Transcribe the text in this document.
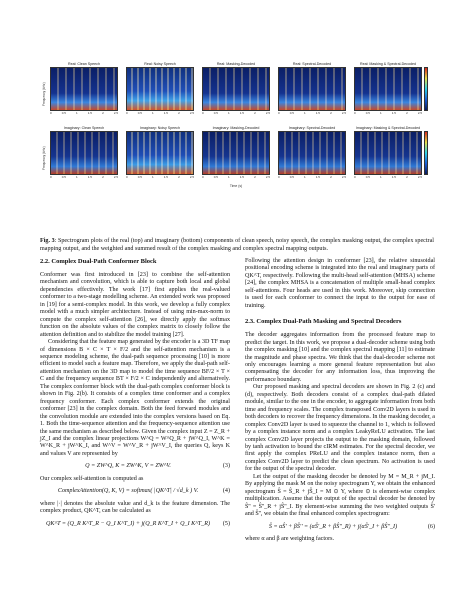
Real: Clean Speech
0	0.5	1	1.5	2	2.5
Real: Noisy Speech
0	0.5	1	1.5	2	2.5
Real: Masking-Decoded
0	0.5	1	1.5	2	2.5
Real: Spectral-Decoded
0	0.5	1	1.5	2	2.5
Real: Masking & Spectral-Decoded
0	0.5	1	1.5	2	2.5
Imaginary: Clean Speech
0	0.5	1	1.5	2	2.5
Imaginary: Noisy Speech
0	0.5	1	1.5	2	2.5
Imaginary: Masking-Decoded
0	0.5	1	1.5	2	2.5
Imaginary: Spectral-Decoded
0	0.5	1	1.5	2	2.5
Imaginary: Masking & Spectral-Decoded
0	0.5	1	1.5	2	2.5
Frequency (kHz)
Frequency (kHz)
Time (s)
Fig. 3: Spectrogram plots of the real (top) and imaginary (bottom) components of clean speech, noisy speech, the complex masking output, the complex spectral mapping output, and the weighted and summed result of the complex masking and complex spectral mapping outputs.
2.2. Complex Dual-Path Conformer Block

Conformer was first introduced in [23] to combine the self-attention mechanism and convolution, which is able to capture both local and global dependencies effectively. The work [17] first applies the real-valued conformer to a two-stage modelling scheme. An extended work was proposed in [19] for a semi-complex model. In this work, we develop a fully complex model with a much simpler architecture. Instead of using min-max-norm to compute the complex self-attention [26], we directly apply the softmax function on the absolute values of the complex matrix to closely follow the attention definition and to stabilize the model training [27].

Considering that the feature map generated by the encoder is a 3D TF map of dimensions B × C × T × F/2 and the self-attention mechanism is a sequence modeling scheme, the dual-path sequence processing [10] is more efficient to model such a feature map. Therefore, we apply the dual-path self-attention mechanism on the 3D map to model the time sequence BF/2 × T × C and the frequency sequence BT × F/2 × C independently and alternatively. The complex conformer block with the dual-path complex conformer block is shown in Fig. 2(b). It consists of a complex time conformer and a complex frequency conformer. Each complex conformer extends the original conformer [23] in the complex domain. Both the feed forward modules and the convolution module are extended into the complex versions based on Eq. 1. Both the time-sequence attention and the frequency-sequence attention use the same mechanism as described below. Given the complex input Z = Z_R + jZ_I and the complex linear projections W^Q = W^Q_R + jW^Q_I, W^K = W^K_R + jW^K_I, and W^V = W^V_R + jW^V_I, the queries Q, keys K and values V are represented by

Q = ZW^Q, K = ZW^K, V = ZW^V.	(3)

Our complex self-attention is computed as

ComplexAttention(Q, K, V) = softmax( |QK^T| / √d_k ) V.	(4)

where |·| denotes the absolute value and d_k is the feature dimension. The complex product, QK^T, can be calculated as

QK^T = (Q_R K^T_R − Q_I K^T_I) + j(Q_R K^T_I + Q_I K^T_R)	(5)

Following the attention design in conformer [23], the relative sinusoidal positional encoding scheme is integrated into the real and imaginary parts of QK^T, respectively. Following the multi-head self-attention (MHSA) scheme [24], the complex MHSA is a concatenation of multiple small-head complex self-attentions. Four heads are used in this work. Moreover, skip connection is used for each conformer to connect the input to the output for ease of training.

2.3. Complex Dual-Path Masking and Spectral Decoders

The decoder aggregates information from the processed feature map to predict the target. In this work, we propose a dual-decoder scheme using both the complex masking [10] and the complex spectral mapping [11] to estimate the magnitude and phase spectra. We think that the dual-decoder scheme not only encourages learning a more general feature representation but also compensating the decoder for any information loss, thus improving the performance boundary.

Our proposed masking and spectral decoders are shown in Fig. 2 (c) and (d), respectively. Both decoders consist of a complex dual-path dilated module, similar to the one in the encoder, to aggregate information from both time and frequency scales. The complex transposed Conv2D layers is used in both decoders to recover the frequency dimensions. In the masking decoder, a complex Conv2D layer is used to squeeze the channel to 1, which is followed by a complex instance norm and a complex LeakyReLU activation. The last complex Conv2D layer projects the output to the masking domain, followed by tanh activation to bound the cIRM estimates. For the spectral decoder, we first apply the complex PReLU and the complex instance norm, then a complex Conv2D layer to predict the clean spectrum. No activation is used for the output of the spectral decoder.

Let the output of the masking decoder be denoted by M = M_R + jM_I. By applying the mask M on the noisy spectrogram Y, we obtain the enhanced spectrogram Ŝ = Ŝ_R + jŜ_I = M ⊙ Y, where ⊙ is element-wise complex multiplication. Assume that the output of the spectral decoder be denoted by Ŝ'' = Ŝ''_R + jŜ''_I. By element-wise summing the two weighted outputs Ŝ' and Ŝ'', we obtain the final enhanced complex spectrogram:

Ŝ = αŜ' + βŜ'' = (αŜ'_R + βŜ''_R) + j(αŜ'_I + βŜ''_I)	(6)

where α and β are weighting factors.
